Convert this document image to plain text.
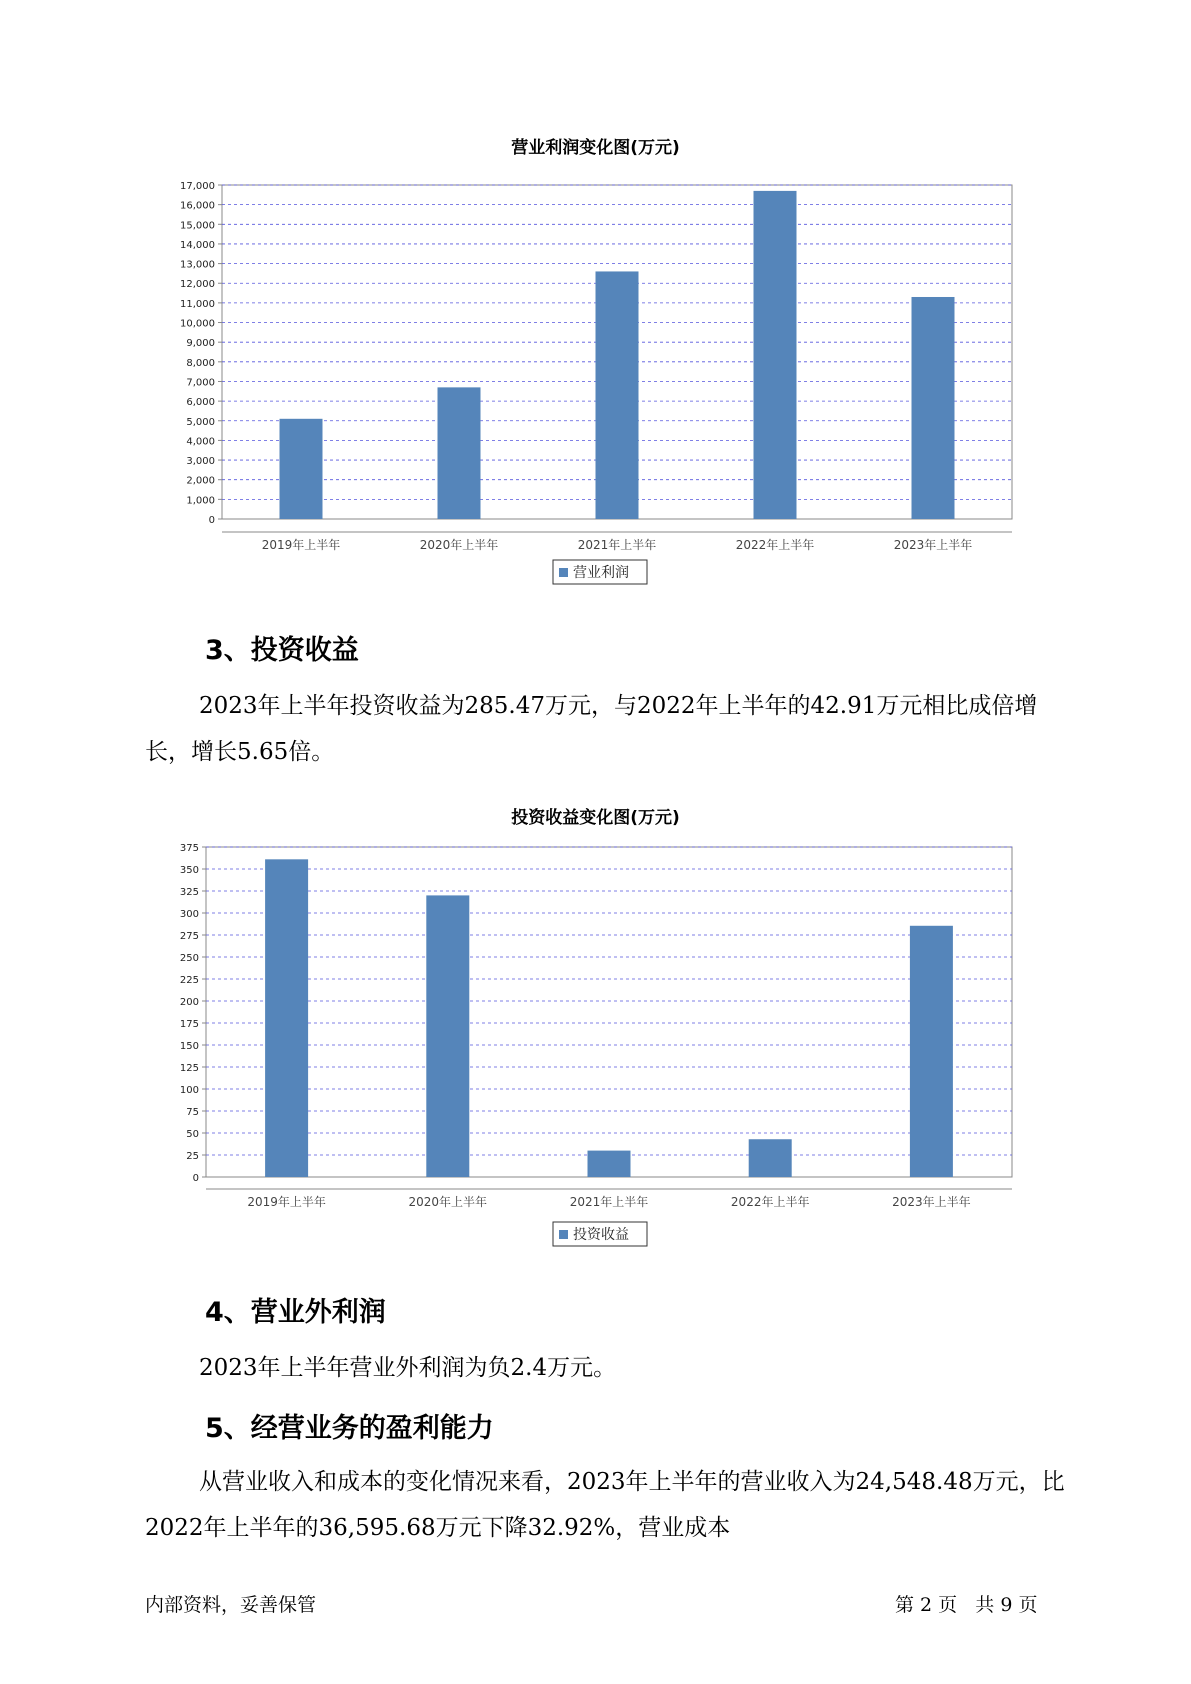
营业利润变化图(万元)
0
1,000
2,000
3,000
4,000
5,000
6,000
7,000
8,000
9,000
10,000
11,000
12,000
13,000
14,000
15,000
16,000
17,000
2019年上半年	2020年上半年	2021年上半年	2022年上半年	2023年上半年
营业利润
3、投资收益
2023年上半年投资收益为285.47万元，与2022年上半年的42.91万元相比成倍增长，增长5.65倍。
投资收益变化图(万元)
0
25
50
75
100
125
150
175
200
225
250
275
300
325
350
375
2019年上半年	2020年上半年	2021年上半年	2022年上半年	2023年上半年
投资收益
4、营业外利润
2023年上半年营业外利润为负2.4万元。
5、经营业务的盈利能力
从营业收入和成本的变化情况来看，2023年上半年的营业收入为24,548.48万元，比2022年上半年的36,595.68万元下降32.92%，营业成本
内部资料，妥善保管	第 2 页   共 9 页
